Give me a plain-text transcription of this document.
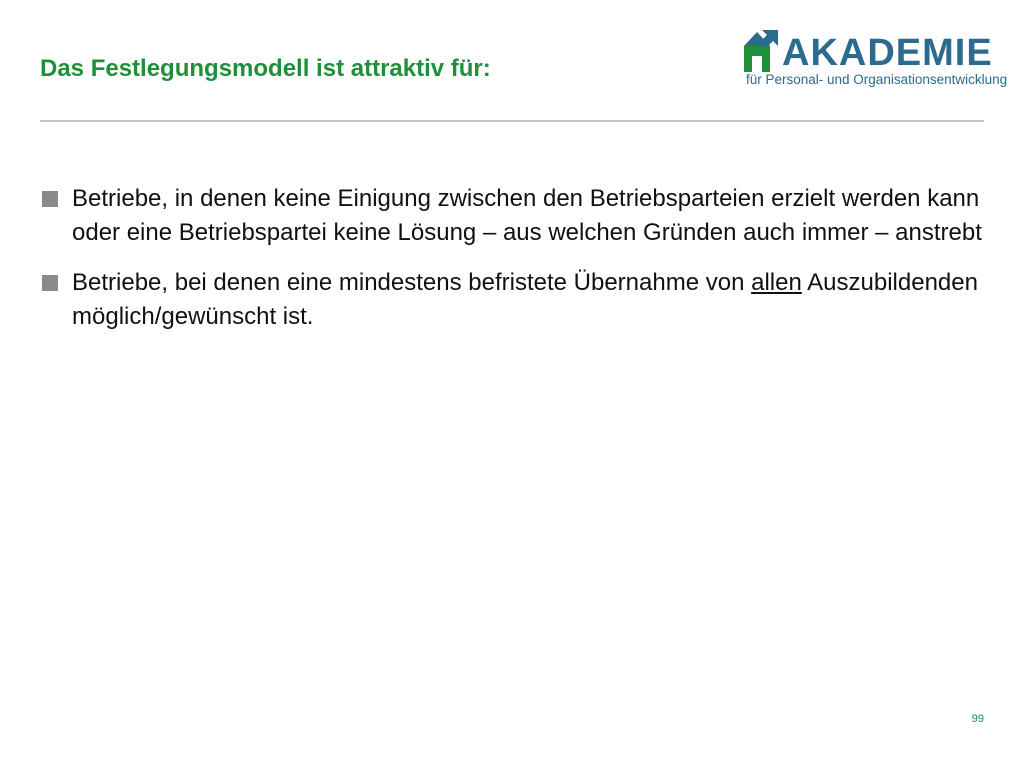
Das Festlegungsmodell ist attraktiv für:	AKADEMIE
für Personal- und Organisationsentwicklung
Betriebe, in denen keine Einigung zwischen den Betriebsparteien erzielt werden kann oder eine Betriebspartei keine Lösung – aus welchen Gründen auch immer – anstrebt
Betriebe, bei denen eine mindestens befristete Übernahme von allen Auszubildenden möglich/gewünscht ist.
99
